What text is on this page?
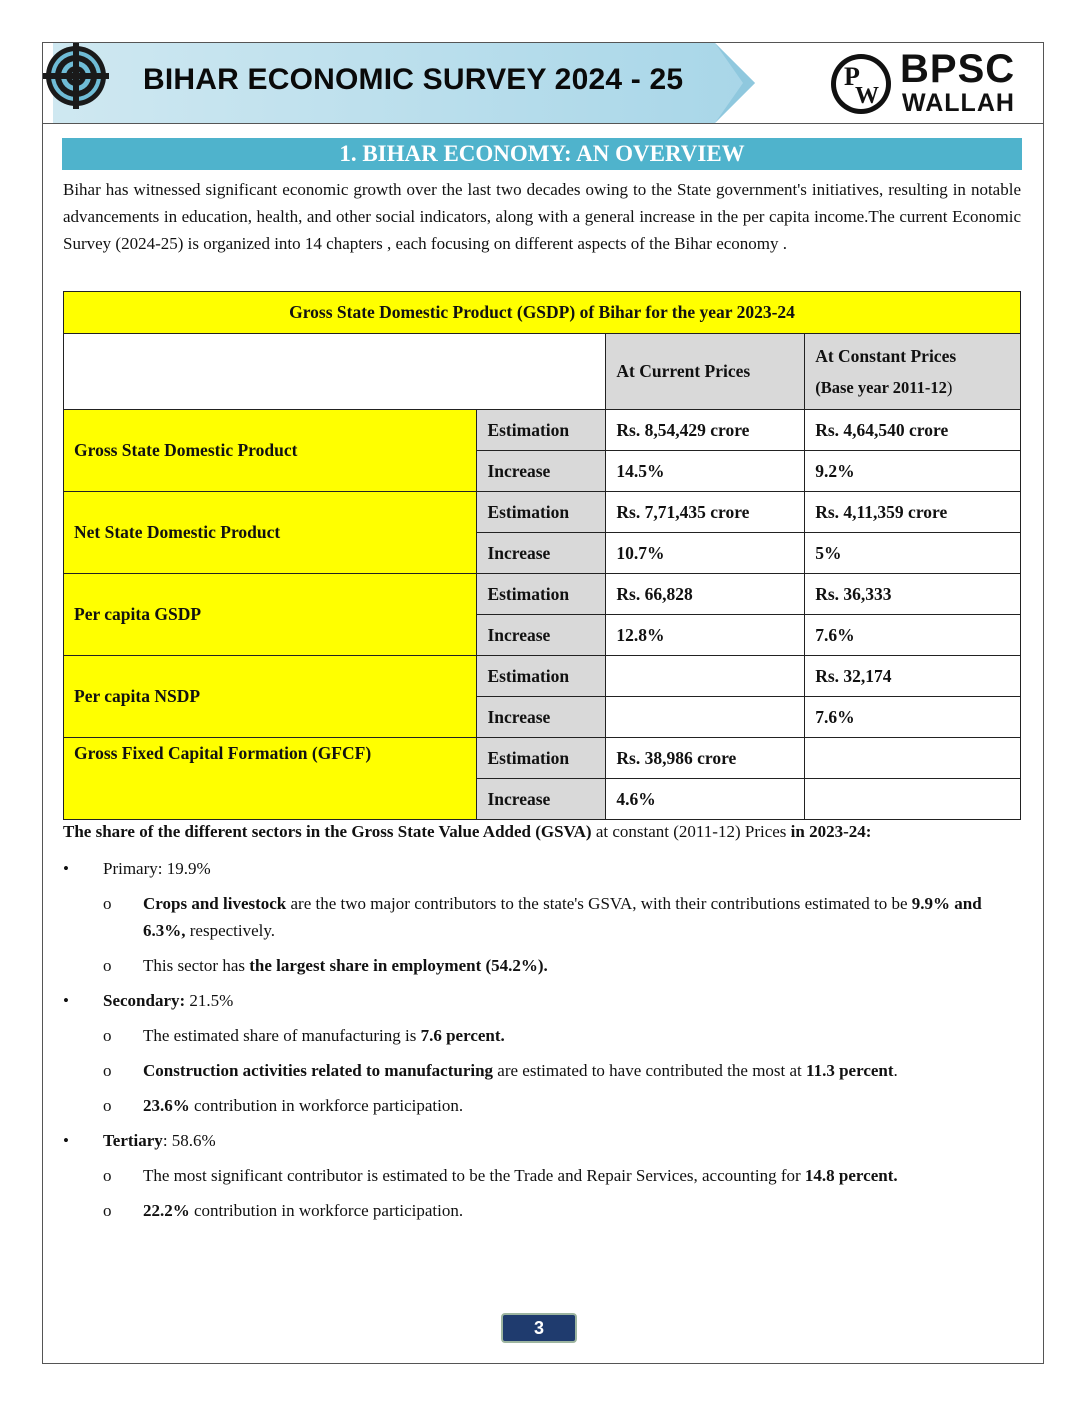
BIHAR ECONOMIC SURVEY 2024 - 25	P
W
BPSC
WALLAH
1. BIHAR ECONOMY: AN OVERVIEW
Bihar has witnessed significant economic growth over the last two decades owing to the State government's initiatives, resulting in notable advancements in education, health, and other social indicators, along with a general increase in the per capita income.The current Economic Survey (2024-25) is organized into 14 chapters , each focusing on different aspects of the Bihar economy .
Gross State Domestic Product (GSDP) of Bihar for the year 2023-24			
		At Current Prices	At Constant Prices
(Base year 2011-12)
Gross State Domestic Product	Estimation	Rs. 8,54,429 crore	Rs. 4,64,540 crore
	Increase	14.5%	9.2%
Net State Domestic Product	Estimation	Rs. 7,71,435 crore	Rs. 4,11,359 crore
	Increase	10.7%	5%
Per capita GSDP	Estimation	Rs. 66,828	Rs. 36,333
	Increase	12.8%	7.6%
Per capita NSDP	Estimation		Rs. 32,174
	Increase		7.6%
Gross Fixed Capital Formation (GFCF)	Estimation	Rs. 38,986 crore	
	Increase	4.6%	
The share of the different sectors in the Gross State Value Added (GSVA) at constant (2011-12) Prices in 2023-24:
• Primary: 19.9%
o Crops and livestock are the two major contributors to the state's GSVA, with their contributions estimated to be 9.9% and 6.3%, respectively.
o This sector has the largest share in employment (54.2%).
• Secondary: 21.5%
o The estimated share of manufacturing is 7.6 percent.
o Construction activities related to manufacturing are estimated to have contributed the most at 11.3 percent.
o 23.6% contribution in workforce participation.
• Tertiary: 58.6%
o The most significant contributor is estimated to be the Trade and Repair Services, accounting for 14.8 percent.
o 22.2% contribution in workforce participation.
3
